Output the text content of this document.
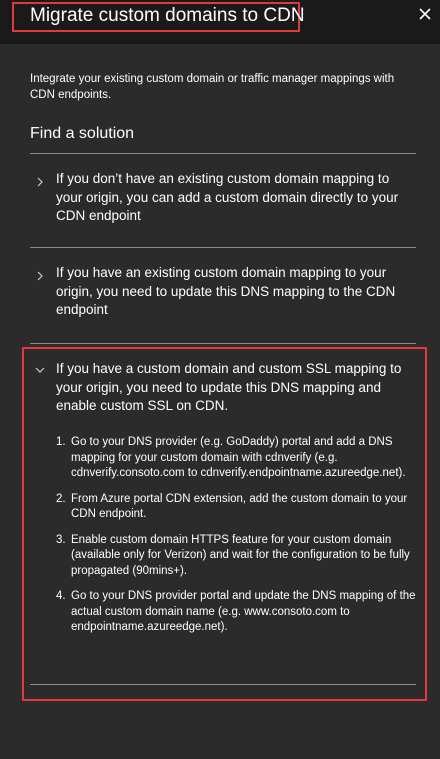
Migrate custom domains to CDN
Integrate your existing custom domain or traffic manager mappings with CDN endpoints.
Find a solution
If you don’t have an existing custom domain mapping to your origin, you can add a custom domain directly to your CDN endpoint
If you have an existing custom domain mapping to your origin, you need to update this DNS mapping to the CDN endpoint
If you have a custom domain and custom SSL mapping to your origin, you need to update this DNS mapping and enable custom SSL on CDN.
1. Go to your DNS provider (e.g. GoDaddy) portal and add a DNS mapping for your custom domain with cdnverify (e.g. cdnverify.consoto.com to cdnverify.endpointname.azureedge.net).
2. From Azure portal CDN extension, add the custom domain to your CDN endpoint.
3. Enable custom domain HTTPS feature for your custom domain (available only for Verizon) and wait for the configuration to be fully propagated (90mins+).
4. Go to your DNS provider portal and update the DNS mapping of the actual custom domain name (e.g. www.consoto.com to endpointname.azureedge.net).
